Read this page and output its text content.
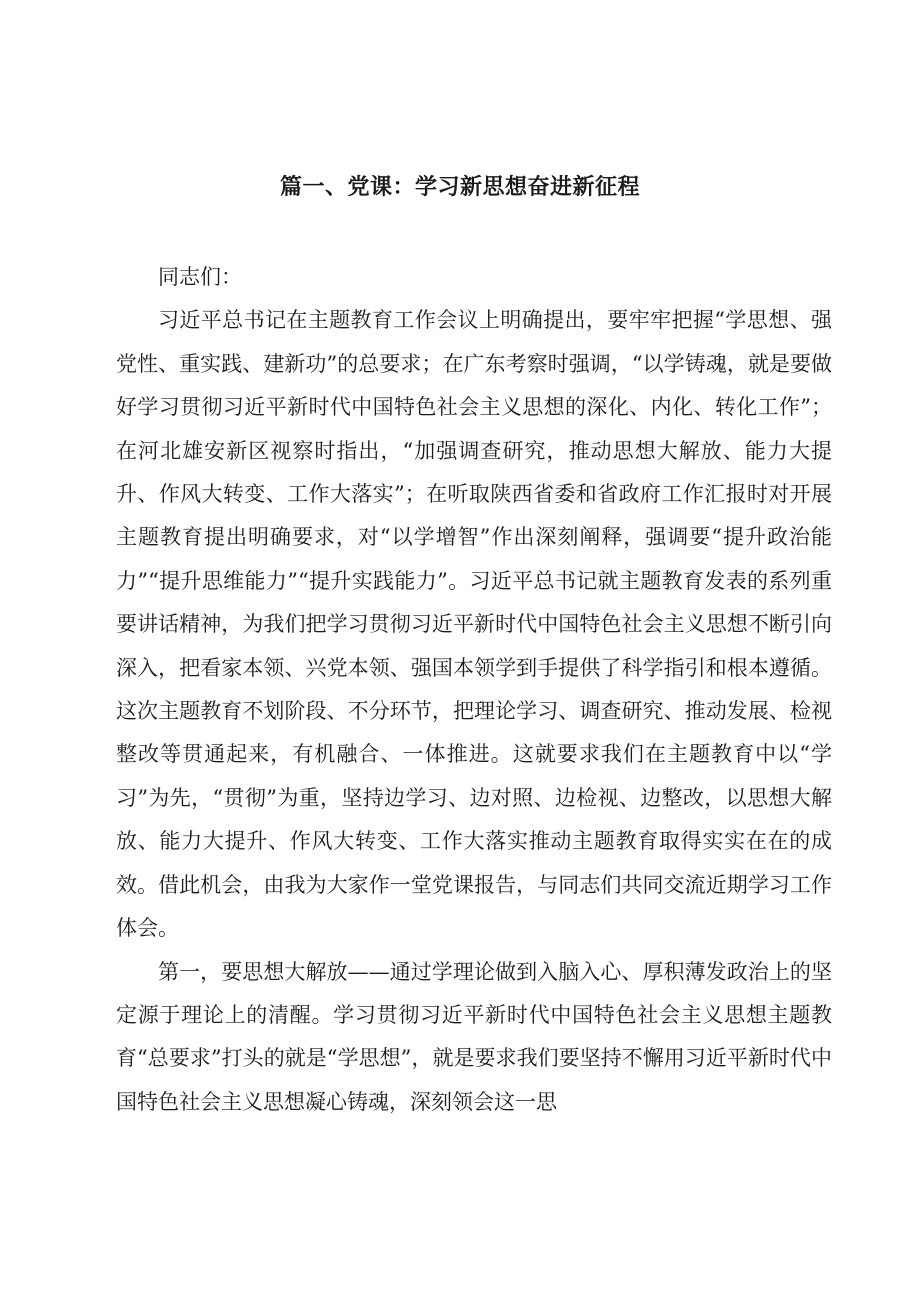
篇一、党课：学习新思想奋进新征程

同志们：

习近平总书记在主题教育工作会议上明确提出，要牢牢把握“学思想、强党性、重实践、建新功”的总要求；在广东考察时强调，“以学铸魂，就是要做好学习贯彻习近平新时代中国特色社会主义思想的深化、内化、转化工作”；在河北雄安新区视察时指出，“加强调查研究，推动思想大解放、能力大提升、作风大转变、工作大落实”；在听取陕西省委和省政府工作汇报时对开展主题教育提出明确要求，对“以学增智”作出深刻阐释，强调要“提升政治能力”“提升思维能力”“提升实践能力”。习近平总书记就主题教育发表的系列重要讲话精神，为我们把学习贯彻习近平新时代中国特色社会主义思想不断引向深入，把看家本领、兴党本领、强国本领学到手提供了科学指引和根本遵循。这次主题教育不划阶段、不分环节，把理论学习、调查研究、推动发展、检视整改等贯通起来，有机融合、一体推进。这就要求我们在主题教育中以“学习”为先，“贯彻”为重，坚持边学习、边对照、边检视、边整改，以思想大解放、能力大提升、作风大转变、工作大落实推动主题教育取得实实在在的成效。借此机会，由我为大家作一堂党课报告，与同志们共同交流近期学习工作体会。

第一，要思想大解放——通过学理论做到入脑入心、厚积薄发政治上的坚定源于理论上的清醒。学习贯彻习近平新时代中国特色社会主义思想主题教育“总要求”打头的就是“学思想”，就是要求我们要坚持不懈用习近平新时代中国特色社会主义思想凝心铸魂，深刻领会这一思
